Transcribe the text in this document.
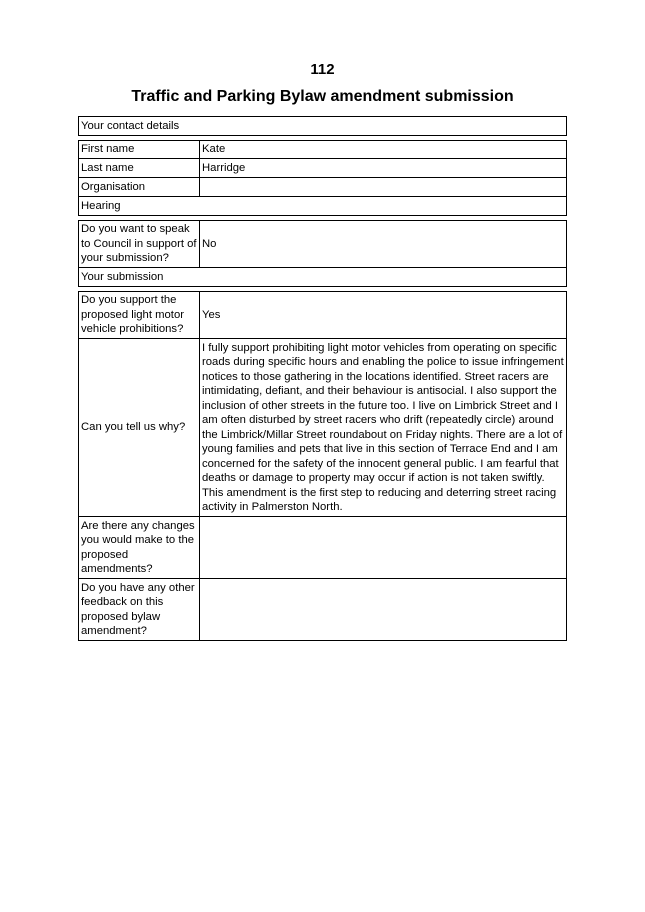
112
Traffic and Parking Bylaw amendment submission
Your contact details
First name	Kate
Last name	Harridge
Organisation
Hearing
Do you want to speak to Council in support of your submission?
No
Your submission
Do you support the proposed light motor vehicle prohibitions?
Yes
Can you tell us why?
I fully support prohibiting light motor vehicles from operating on specific roads during specific hours and enabling the police to issue infringement notices to those gathering in the locations identified. Street racers are intimidating, defiant, and their behaviour is antisocial. I also support the inclusion of other streets in the future too. I live on Limbrick Street and I am often disturbed by street racers who drift (repeatedly circle) around the Limbrick/Millar Street roundabout on Friday nights. There are a lot of young families and pets that live in this section of Terrace End and I am concerned for the safety of the innocent general public. I am fearful that deaths or damage to property may occur if action is not taken swiftly. This amendment is the first step to reducing and deterring street racing activity in Palmerston North.
Are there any changes you would make to the proposed amendments?
Do you have any other feedback on this proposed bylaw amendment?
